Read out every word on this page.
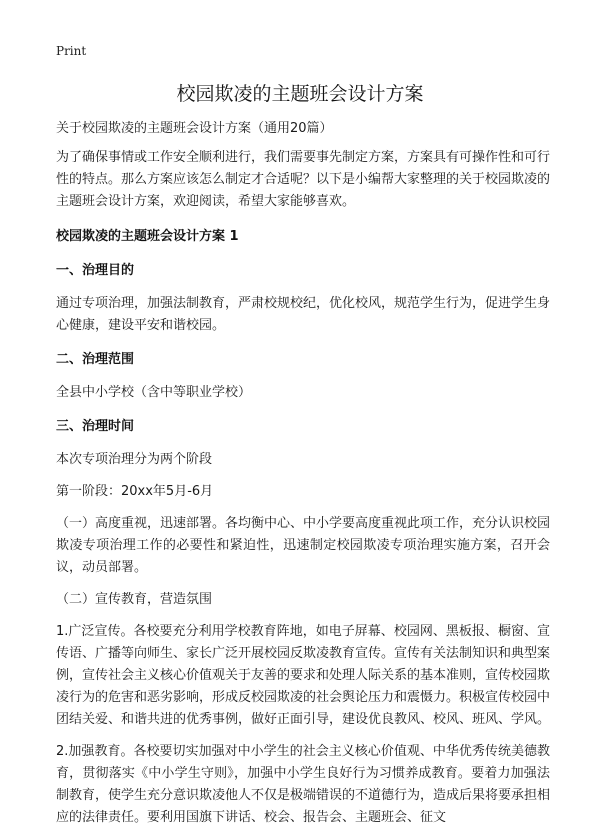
Print
校园欺凌的主题班会设计方案

关于校园欺凌的主题班会设计方案（通用20篇）

为了确保事情或工作安全顺利进行，我们需要事先制定方案，方案具有可操作性和可行性的特点。那么方案应该怎么制定才合适呢？以下是小编帮大家整理的关于校园欺凌的主题班会设计方案，欢迎阅读，希望大家能够喜欢。

校园欺凌的主题班会设计方案 1

一、治理目的

通过专项治理，加强法制教育，严肃校规校纪，优化校风，规范学生行为，促进学生身心健康，建设平安和谐校园。

二、治理范围

全县中小学校（含中等职业学校）

三、治理时间

本次专项治理分为两个阶段

第一阶段：20xx年5月-6月

（一）高度重视，迅速部署。各均衡中心、中小学要高度重视此项工作，充分认识校园欺凌专项治理工作的必要性和紧迫性，迅速制定校园欺凌专项治理实施方案，召开会议，动员部署。

（二）宣传教育，营造氛围

1.广泛宣传。各校要充分利用学校教育阵地，如电子屏幕、校园网、黑板报、橱窗、宣传语、广播等向师生、家长广泛开展校园反欺凌教育宣传。宣传有关法制知识和典型案例，宣传社会主义核心价值观关于友善的要求和处理人际关系的基本准则，宣传校园欺凌行为的危害和恶劣影响，形成反校园欺凌的社会舆论压力和震慑力。积极宣传校园中团结关爱、和谐共进的优秀事例，做好正面引导，建设优良教风、校风、班风、学风。

2.加强教育。各校要切实加强对中小学生的社会主义核心价值观、中华优秀传统美德教育，贯彻落实《中小学生守则》，加强中小学生良好行为习惯养成教育。要着力加强法制教育，使学生充分意识欺凌他人不仅是极端错误的不道德行为，造成后果将要承担相应的法律责任。要利用国旗下讲话、校会、报告会、主题班会、征文
